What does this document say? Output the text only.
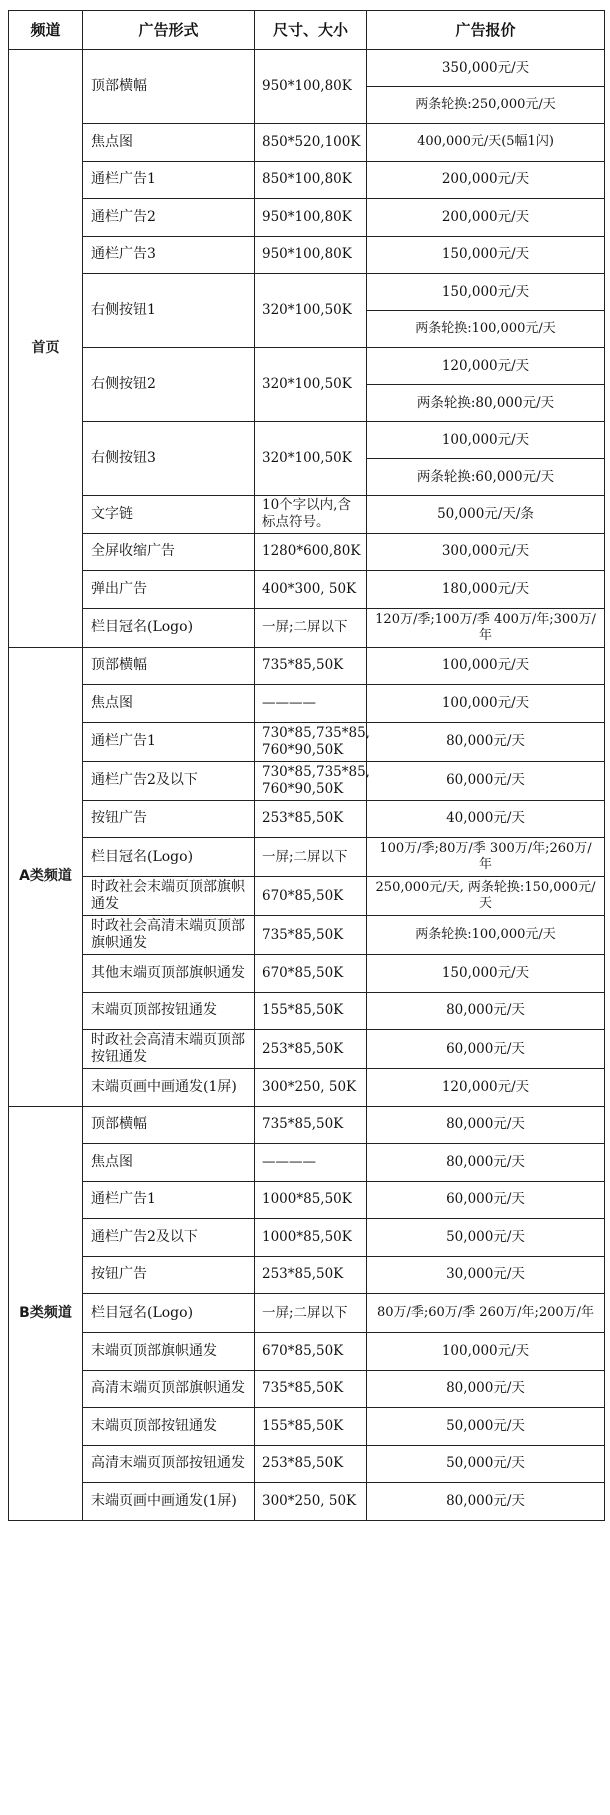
频道	广告形式	尺寸、大小	广告报价
首页	顶部横幅	950*100,80K	350,000元/天
			两条轮换:250,000元/天
	焦点图	850*520,100K	400,000元/天(5幅1闪)
	通栏广告1	850*100,80K	200,000元/天
	通栏广告2	950*100,80K	200,000元/天
	通栏广告3	950*100,80K	150,000元/天
	右侧按钮1	320*100,50K	150,000元/天
			两条轮换:100,000元/天
	右侧按钮2	320*100,50K	120,000元/天
			两条轮换:80,000元/天
	右侧按钮3	320*100,50K	100,000元/天
			两条轮换:60,000元/天
	文字链	10个字以内,含标点符号。	50,000元/天/条
	全屏收缩广告	1280*600,80K	300,000元/天
	弹出广告	400*300, 50K	180,000元/天
	栏目冠名(Logo)	一屏;二屏以下	120万/季;100万/季 400万/年;300万/年
A类频道	顶部横幅	735*85,50K	100,000元/天
	焦点图	————	100,000元/天
	通栏广告1	730*85,735*85, 760*90,50K	80,000元/天
	通栏广告2及以下	730*85,735*85, 760*90,50K	60,000元/天
	按钮广告	253*85,50K	40,000元/天
	栏目冠名(Logo)	一屏;二屏以下	100万/季;80万/季 300万/年;260万/年
	时政社会末端页顶部旗帜通发	670*85,50K	250,000元/天, 两条轮换:150,000元/天
	时政社会高清末端页顶部旗帜通发	735*85,50K	两条轮换:100,000元/天
	其他末端页顶部旗帜通发	670*85,50K	150,000元/天
	末端页顶部按钮通发	155*85,50K	80,000元/天
	时政社会高清末端页顶部按钮通发	253*85,50K	60,000元/天
	末端页画中画通发(1屏)	300*250, 50K	120,000元/天
B类频道	顶部横幅	735*85,50K	80,000元/天
	焦点图	————	80,000元/天
	通栏广告1	1000*85,50K	60,000元/天
	通栏广告2及以下	1000*85,50K	50,000元/天
	按钮广告	253*85,50K	30,000元/天
	栏目冠名(Logo)	一屏;二屏以下	80万/季;60万/季 260万/年;200万/年
	末端页顶部旗帜通发	670*85,50K	100,000元/天
	高清末端页顶部旗帜通发	735*85,50K	80,000元/天
	末端页顶部按钮通发	155*85,50K	50,000元/天
	高清末端页顶部按钮通发	253*85,50K	50,000元/天
	末端页画中画通发(1屏)	300*250, 50K	80,000元/天
